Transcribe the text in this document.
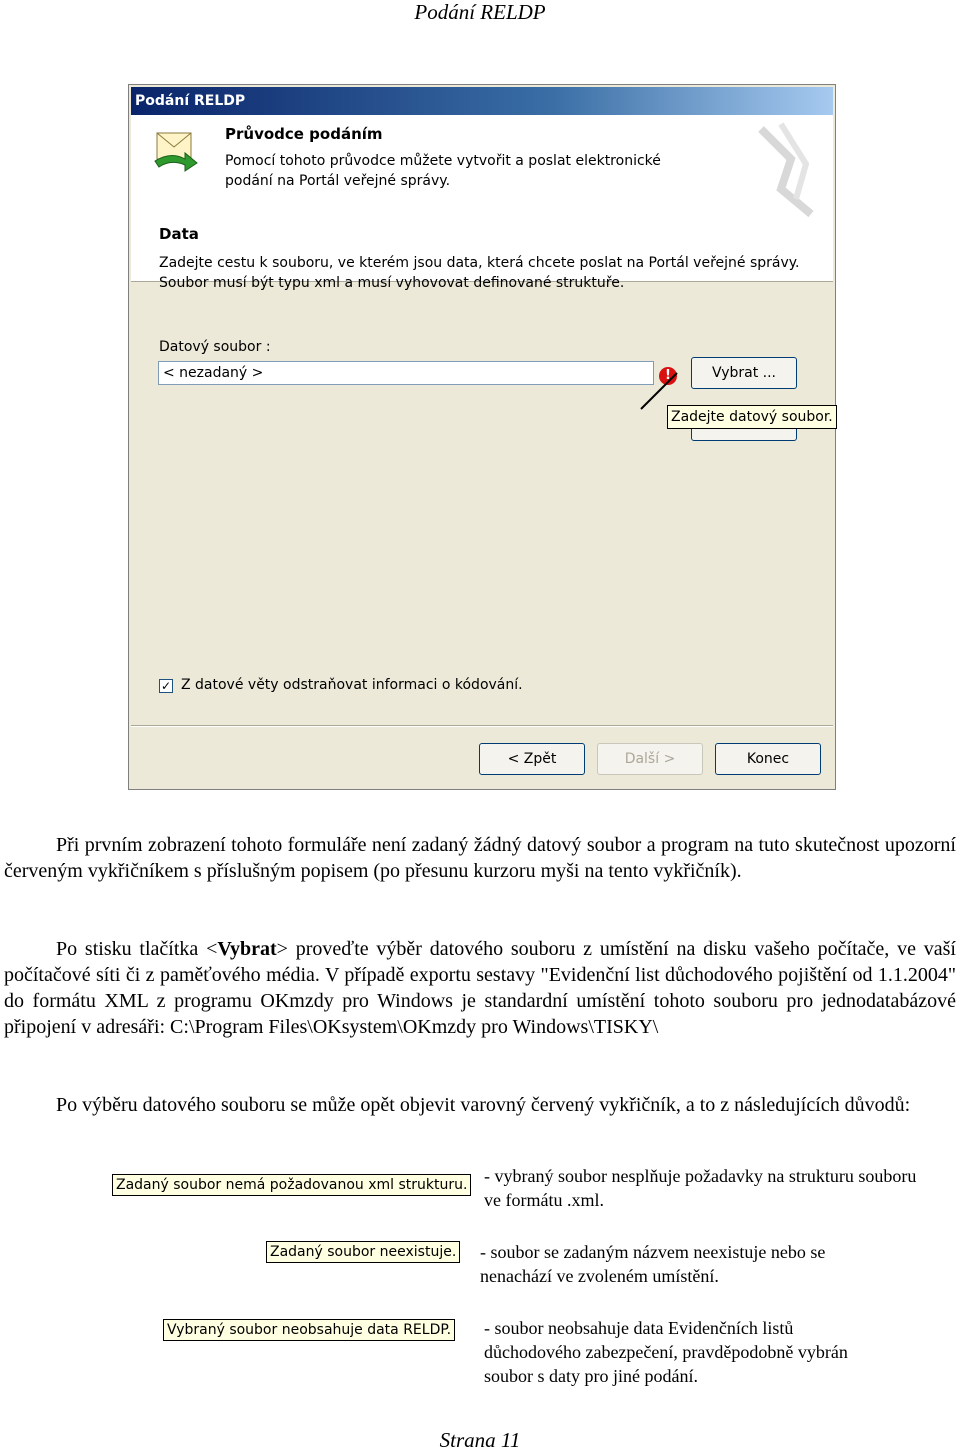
Podání RELDP
Podání RELDP
Průvodce podáním
Pomocí tohoto průvodce můžete vytvořit a poslat elektronické podání na Portál veřejné správy.
Data
Zadejte cestu k souboru, ve kterém jsou data, která chcete poslat na Portál veřejné správy. Soubor musí být typu xml a musí vyhovovat definované struktuře.
Datový soubor :
< nezadaný >	!	Vybrat ...
Zadejte datový soubor.
✓ Z datové věty odstraňovat informaci o kódování.
< Zpět	Další >	Konec
Při prvním zobrazení tohoto formuláře není zadaný žádný datový soubor a program na tuto skutečnost upozorní červeným vykřičníkem s příslušným popisem (po přesunu kurzoru myši na tento vykřičník).
Po stisku tlačítka <Vybrat> proveďte výběr datového souboru z umístění na disku vašeho počítače, ve vaší počítačové síti či z paměťového média. V případě exportu sestavy "Evidenční list důchodového pojištění od 1.1.2004" do formátu XML z programu OKmzdy pro Windows je standardní umístění tohoto souboru pro jednodatabázové připojení v adresáři: C:\Program Files\OKsystem\OKmzdy pro Windows\TISKY\
Po výběru datového souboru se může opět objevit varovný červený vykřičník, a to z následujících důvodů:
Zadaný soubor nemá požadovanou xml strukturu. - vybraný soubor nesplňuje požadavky na strukturu souboru ve formátu .xml.
Zadaný soubor neexistuje. - soubor se zadaným názvem neexistuje nebo se nenachází ve zvoleném umístění.
Vybraný soubor neobsahuje data RELDP. - soubor neobsahuje data Evidenčních listů důchodového zabezpečení, pravděpodobně vybrán soubor s daty pro jiné podání.
Strana 11
